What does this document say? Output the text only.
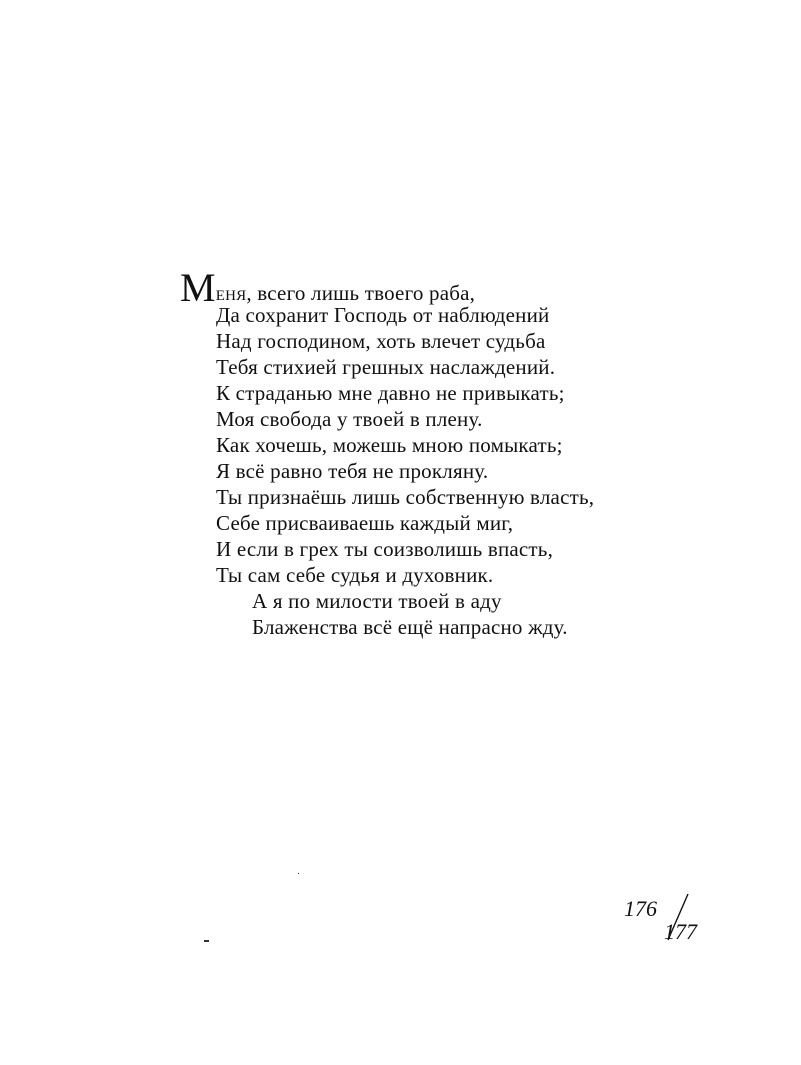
Меня, всего лишь твоего раба,
Да сохранит Господь от наблюдений
Над господином, хоть влечет судьба
Тебя стихией грешных наслаждений.
К страданью мне давно не привыкать;
Моя свобода у твоей в плену.
Как хочешь, можешь мною помыкать;
Я всё равно тебя не прокляну.
Ты признаёшь лишь собственную власть,
Себе присваиваешь каждый миг,
И если в грех ты соизволишь впасть,
Ты сам себе судья и духовник.
А я по милости твоей в аду
Блаженства всё ещё напрасно жду.
176
177
